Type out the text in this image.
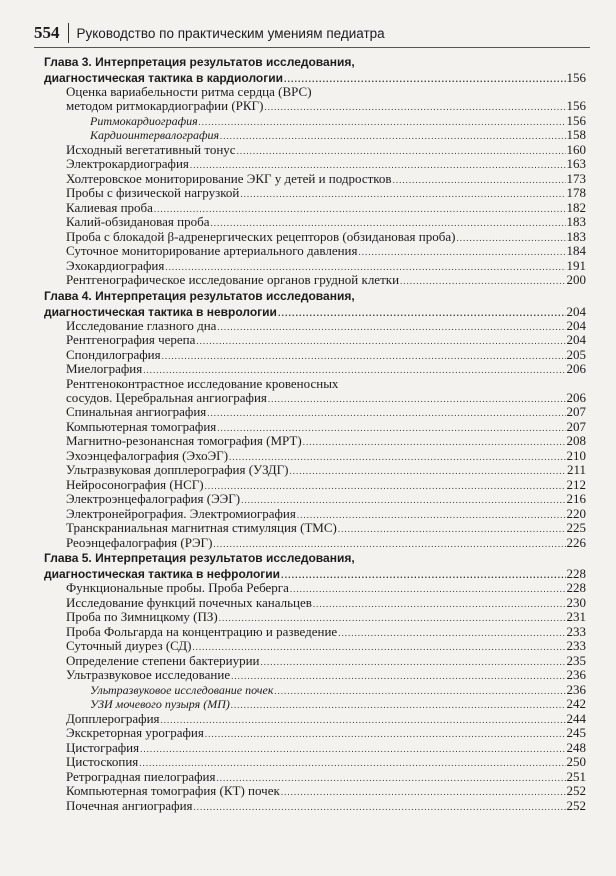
554 Руководство по практическим умениям педиатра
Глава 3. Интерпретация результатов исследования,
диагностическая тактика в кардиологии .....	156
Оценка вариабельности ритма сердца (ВРС)
методом ритмокардиографии (РКГ) .....	156
Ритмокардиография .....	156
Кардиоинтервалография .....	158
Исходный вегетативный тонус .....	160
Электрокардиография .....	163
Холтеровское мониторирование ЭКГ у детей и подростков .....	173
Пробы с физической нагрузкой .....	178
Калиевая проба .....	182
Калий-обзидановая проба .....	183
Проба с блокадой β-адренергических рецепторов (обзидановая проба) .....	183
Суточное мониторирование артериального давления .....	184
Эхокардиография .....	191
Рентгенографическое исследование органов грудной клетки .....	200
Глава 4. Интерпретация результатов исследования,
диагностическая тактика в неврологии .....	204
Исследование глазного дна .....	204
Рентгенография черепа .....	204
Спондилография .....	205
Миелография .....	206
Рентгеноконтрастное исследование кровеносных
сосудов. Церебральная ангиография .....	206
Спинальная ангиография .....	207
Компьютерная томография .....	207
Магнитно-резонансная томография (МРТ) .....	208
Эхоэнцефалография (ЭхоЭГ) .....	210
Ультразвуковая допплерография (УЗДГ) .....	211
Нейросонография (НСГ) .....	212
Электроэнцефалография (ЭЭГ) .....	216
Электронейрография. Электромиография .....	220
Транскраниальная магнитная стимуляция (ТМС) .....	225
Реоэнцефалография (РЭГ) .....	226
Глава 5. Интерпретация результатов исследования,
диагностическая тактика в нефрологии .....	228
Функциональные пробы. Проба Реберга .....	228
Исследование функций почечных канальцев .....	230
Проба по Зимницкому (ПЗ) .....	231
Проба Фольгарда на концентрацию и разведение .....	233
Суточный диурез (СД) .....	233
Определение степени бактериурии .....	235
Ультразвуковое исследование .....	236
Ультразвуковое исследование почек .....	236
УЗИ мочевого пузыря (МП) .....	242
Допплерография .....	244
Экскреторная урография .....	245
Цистография .....	248
Цистоскопия .....	250
Ретроградная пиелография .....	251
Компьютерная томография (КТ) почек .....	252
Почечная ангиография .....	252
